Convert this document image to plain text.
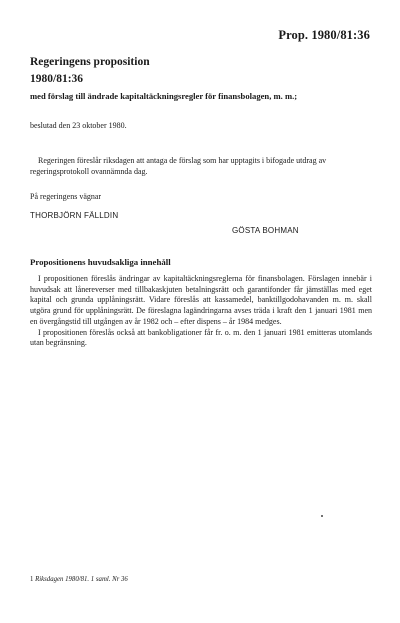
Prop. 1980/81:36
Regeringens proposition
1980/81:36
med förslag till ändrade kapitaltäckningsregler för finansbolagen, m. m.;
beslutad den 23 oktober 1980.
Regeringen föreslår riksdagen att antaga de förslag som har upptagits i bifogade utdrag av regeringsprotokoll ovannämnda dag.
På regeringens vägnar
THORBJÖRN FÄLLDIN
GÖSTA BOHMAN
Propositionens huvudsakliga innehåll

I propositionen föreslås ändringar av kapitaltäckningsreglerna för finansbolagen. Förslagen innebär i huvudsak att lånereverser med tillbakaskjuten betalningsrätt och garantifonder får jämställas med eget kapital och grunda upplåningsrätt. Vidare föreslås att kassamedel, banktillgodohavanden m. m. skall utgöra grund för upplåningsrätt. De föreslagna lagändringarna avses träda i kraft den 1 januari 1981 men en övergångstid till utgången av år 1982 och – efter dispens – år 1984 medges.

I propositionen föreslås också att bankobligationer får fr. o. m. den 1 januari 1981 emitteras utomlands utan begränsning.

1 Riksdagen 1980/81. 1 saml. Nr 36
